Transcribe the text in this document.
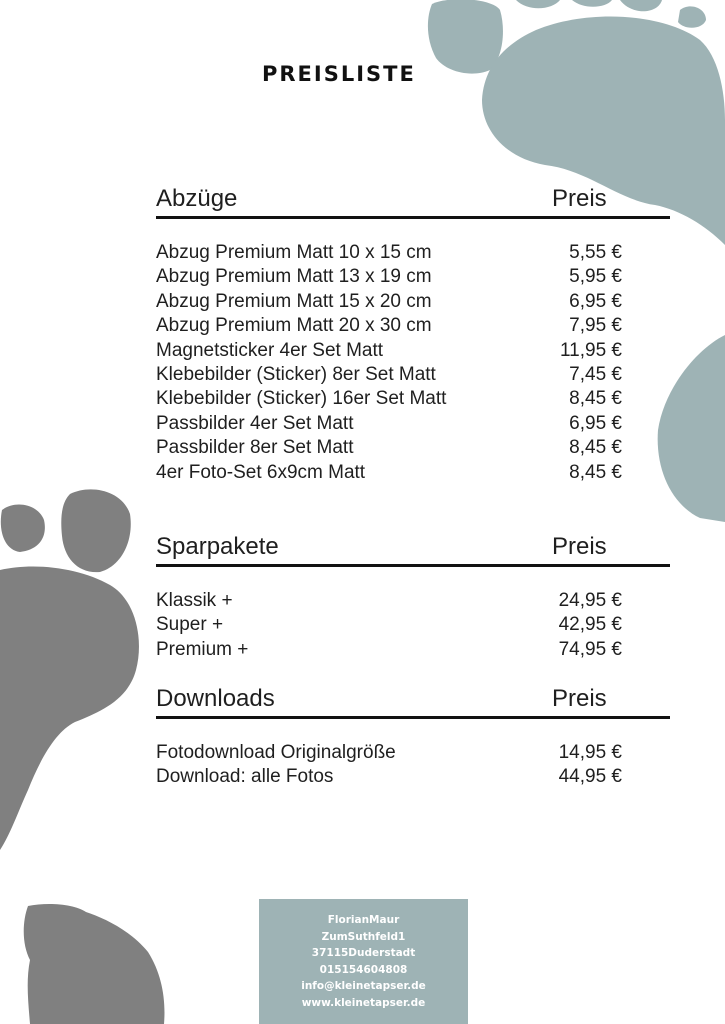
PREISLISTE
Abzüge	Preis
Abzug Premium Matt 10 x 15 cm	5,55 €
Abzug Premium Matt 13 x 19 cm	5,95 €
Abzug Premium Matt 15 x 20 cm	6,95 €
Abzug Premium Matt 20 x 30 cm	7,95 €
Magnetsticker 4er Set Matt	11,95 €
Klebebilder (Sticker) 8er Set Matt	7,45 €
Klebebilder (Sticker) 16er Set Matt	8,45 €
Passbilder 4er Set Matt	6,95 €
Passbilder 8er Set Matt	8,45 €
4er Foto-Set 6x9cm Matt	8,45 €
Sparpakete	Preis
Klassik +	24,95 €
Super +	42,95 €
Premium +	74,95 €
Downloads	Preis
Fotodownload Originalgröße	14,95 €
Download: alle Fotos	44,95 €
FlorianMaur
ZumSuthfeld1
37115Duderstadt
015154604808
info@kleinetapser.de
www.kleinetapser.de
